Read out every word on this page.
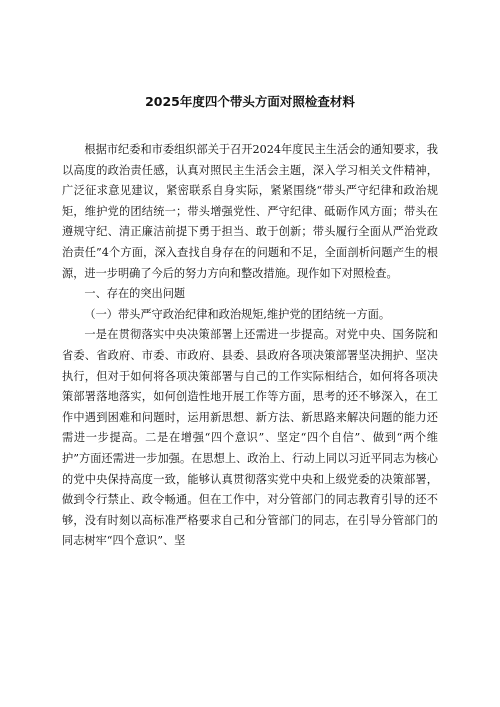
2025年度四个带头方面对照检查材料

根据市纪委和市委组织部关于召开2024年度民主生活会的通知要求，我以高度的政治责任感，认真对照民主生活会主题，深入学习相关文件精神，广泛征求意见建议，紧密联系自身实际，紧紧围绕“带头严守纪律和政治规矩，维护党的团结统一；带头增强党性、严守纪律、砥砺作风方面；带头在遵规守纪、清正廉洁前提下勇于担当、敢于创新；带头履行全面从严治党政治责任”4个方面，深入查找自身存在的问题和不足，全面剖析问题产生的根源，进一步明确了今后的努力方向和整改措施。现作如下对照检查。

一、存在的突出问题

（一）带头严守政治纪律和政治规矩,维护党的团结统一方面。

一是在贯彻落实中央决策部署上还需进一步提高。对党中央、国务院和省委、省政府、市委、市政府、县委、县政府各项决策部署坚决拥护、坚决执行，但对于如何将各项决策部署与自己的工作实际相结合，如何将各项决策部署落地落实，如何创造性地开展工作等方面，思考的还不够深入，在工作中遇到困难和问题时，运用新思想、新方法、新思路来解决问题的能力还需进一步提高。二是在增强“四个意识”、坚定“四个自信”、做到“两个维护”方面还需进一步加强。在思想上、政治上、行动上同以习近平同志为核心的党中央保持高度一致，能够认真贯彻落实党中央和上级党委的决策部署，做到令行禁止、政令畅通。但在工作中，对分管部门的同志教育引导的还不够，没有时刻以高标准严格要求自己和分管部门的同志，在引导分管部门的同志树牢“四个意识”、坚
